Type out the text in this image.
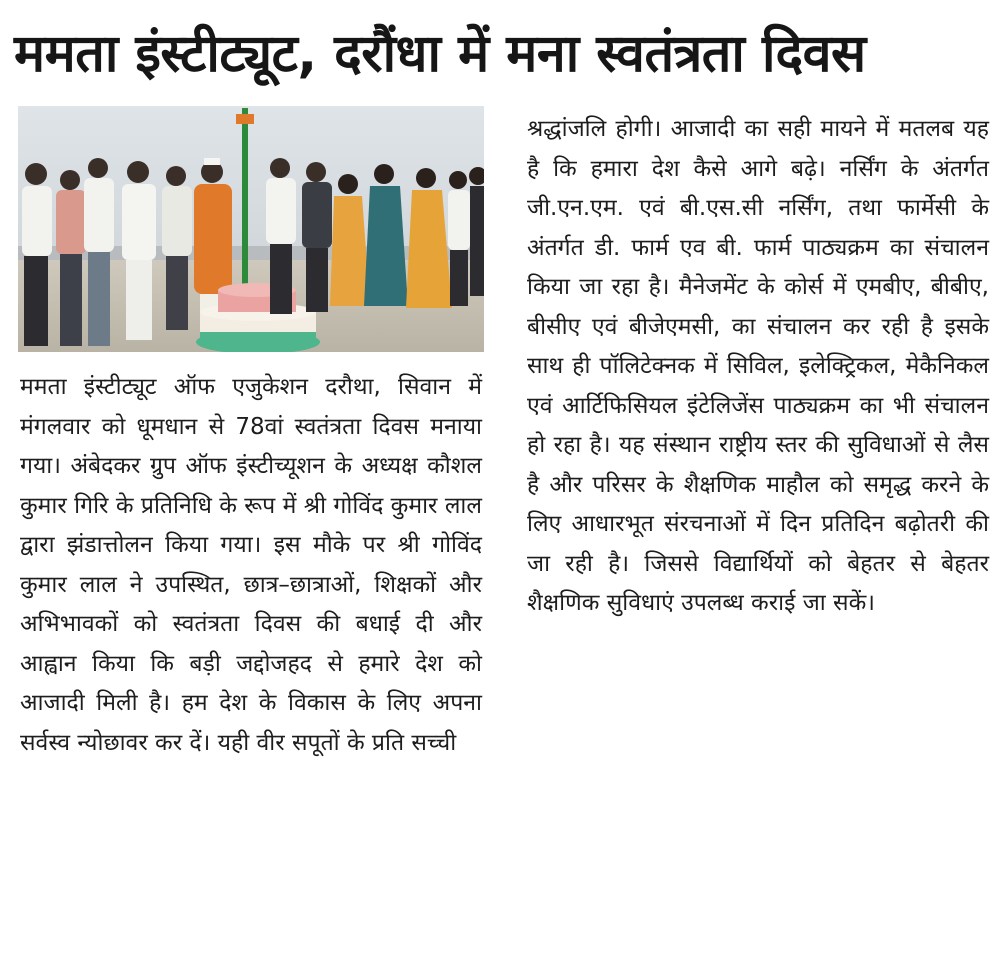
ममता इंस्टीट्यूट, दरौंधा में मना स्वतंत्रता दिवस

ममता इंस्टीट्यूट ऑफ एजुकेशन दरौथा, सिवान में मंगलवार को धूमधान से 78वां स्वतंत्रता दिवस मनाया गया। अंबेदकर ग्रुप ऑफ इंस्टीच्यूशन के अध्यक्ष कौशल कुमार गिरि के प्रतिनिधि के रूप में श्री गोविंद कुमार लाल द्वारा झंडात्तोलन किया गया। इस मौके पर श्री गोविंद कुमार लाल ने उपस्थित, छात्र–छात्राओं, शिक्षकों और अभिभावकों को स्वतंत्रता दिवस की बधाई दी और आह्वान किया कि बड़ी जद्दोजहद से हमारे देश को आजादी मिली है। हम देश के विकास के लिए अपना सर्वस्व न्योछावर कर दें। यही वीर सपूतों के प्रति सच्ची

श्रद्धांजलि होगी। आजादी का सही मायने में मतलब यह है कि हमारा देश कैसे आगे बढ़े। नर्सिंग के अंतर्गत जी.एन.एम. एवं बी.एस.सी नर्सिंग, तथा फार्मेसी के अंतर्गत डी. फार्म एव बी. फार्म पाठ्यक्रम का संचालन किया जा रहा है। मैनेजमेंट के कोर्स में एमबीए, बीबीए, बीसीए एवं बीजेएमसी, का संचालन कर रही है इसके साथ ही पॉलिटेक्नक में सिविल, इलेक्ट्रिकल, मेकैनिकल एवं आर्टिफिसियल इंटेलिजेंस पाठ्यक्रम का भी संचालन हो रहा है। यह संस्थान राष्ट्रीय स्तर की सुविधाओं से लैस है और परिसर के शैक्षणिक माहौल को समृद्ध करने के लिए आधारभूत संरचनाओं में दिन प्रतिदिन बढ़ोतरी की जा रही है। जिससे विद्यार्थियों को बेहतर से बेहतर शैक्षणिक सुविधाएं उपलब्ध कराई जा सकें।
